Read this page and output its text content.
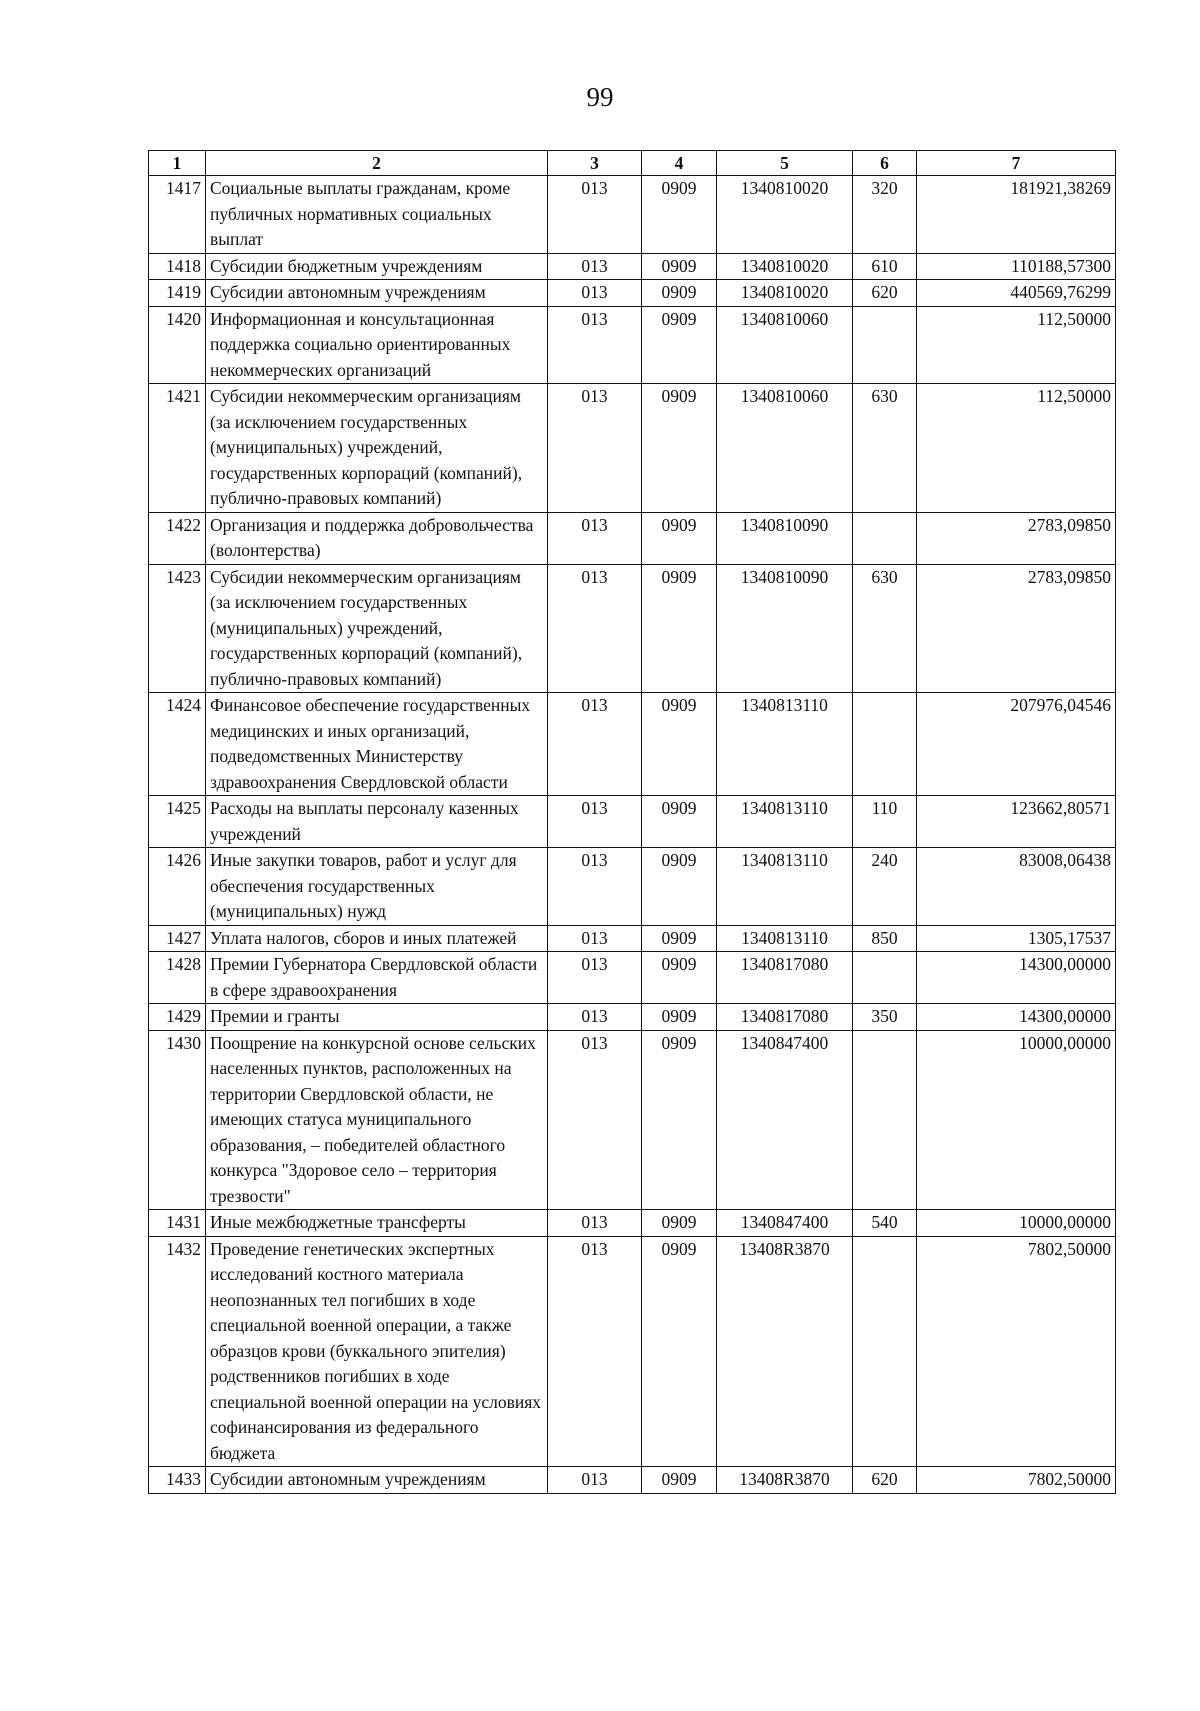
99
1	2	3	4	5	6	7
1417	Социальные выплаты гражданам, кроме публичных нормативных социальных выплат	013	0909	1340810020	320	181921,38269
1418	Субсидии бюджетным учреждениям	013	0909	1340810020	610	110188,57300
1419	Субсидии автономным учреждениям	013	0909	1340810020	620	440569,76299
1420	Информационная и консультационная поддержка социально ориентированных некоммерческих организаций	013	0909	1340810060		112,50000
1421	Субсидии некоммерческим организациям (за исключением государственных (муниципальных) учреждений, государственных корпораций (компаний), публично-правовых компаний)	013	0909	1340810060	630	112,50000
1422	Организация и поддержка добровольчества (волонтерства)	013	0909	1340810090		2783,09850
1423	Субсидии некоммерческим организациям (за исключением государственных (муниципальных) учреждений, государственных корпораций (компаний), публично-правовых компаний)	013	0909	1340810090	630	2783,09850
1424	Финансовое обеспечение государственных медицинских и иных организаций, подведомственных Министерству здравоохранения Свердловской области	013	0909	1340813110		207976,04546
1425	Расходы на выплаты персоналу казенных учреждений	013	0909	1340813110	110	123662,80571
1426	Иные закупки товаров, работ и услуг для обеспечения государственных (муниципальных) нужд	013	0909	1340813110	240	83008,06438
1427	Уплата налогов, сборов и иных платежей	013	0909	1340813110	850	1305,17537
1428	Премии Губернатора Свердловской области в сфере здравоохранения	013	0909	1340817080		14300,00000
1429	Премии и гранты	013	0909	1340817080	350	14300,00000
1430	Поощрение на конкурсной основе сельских населенных пунктов, расположенных на территории Свердловской области, не имеющих статуса муниципального образования, – победителей областного конкурса "Здоровое село – территория трезвости"	013	0909	1340847400		10000,00000
1431	Иные межбюджетные трансферты	013	0909	1340847400	540	10000,00000
1432	Проведение генетических экспертных исследований костного материала неопознанных тел погибших в ходе специальной военной операции, а также образцов крови (буккального эпителия) родственников погибших в ходе специальной военной операции на условиях софинансирования из федерального бюджета	013	0909	13408R3870		7802,50000
1433	Субсидии автономным учреждениям	013	0909	13408R3870	620	7802,50000
